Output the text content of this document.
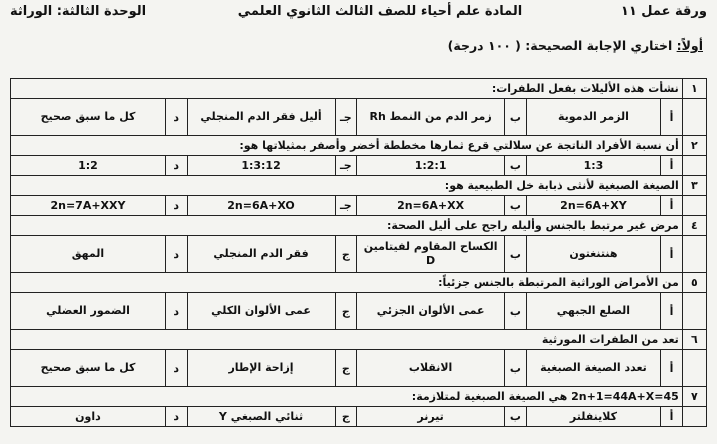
ورقة عمل ١١
المادة علم أحياء للصف الثالث الثانوي العلمي
الوحدة الثالثة: الوراثة
أولاً: اختاري الإجابة الصحيحة: ( ١٠٠ درجة)
١	نشأت هذه الأليلات بفعل الطفرات:							
	أ	الزمر الدموية	ب	زمر الدم من النمط Rh	جـ	أليل فقر الدم المنجلي	د	كل ما سبق صحيح
٢	أن نسبة الأفراد الناتجة عن سلالتي قرع ثمارها مخططة أخضر وأصفر بمثيلاتها هو:							
	أ	1:3	ب	1:2:1	جـ	1:3:12	د	1:2
٣	الصيغة الصبغية لأنثى ذبابة خل الطبيعية هو:							
	أ	2n=6A+XY	ب	2n=6A+XX	جـ	2n=6A+XO	د	2n=7A+XXY
٤	مرض غير مرتبط بالجنس وأليله راجح على أليل الصحة:							
	أ	هنتنغتون	ب	الكساح المقاوم لفيتامين D	ج	فقر الدم المنجلي	د	المهق
٥	من الأمراض الوراثية المرتبطة بالجنس جزئياً:							
	أ	الصلع الجبهي	ب	عمى الألوان الجزئي	ج	عمى الألوان الكلي	د	الضمور العضلي
٦	تعد من الطفرات المورثية							
	أ	تعدد الصيغة الصبغية	ب	الانقلاب	ج	إزاحة الإطار	د	كل ما سبق صحيح
٧	2n+1=44A+X=45 هي الصيغة الصبغية لمتلازمة:							
	أ	كلاينفلتر	ب	تيرنر	ج	ثنائي الصبغي Y	د	داون
